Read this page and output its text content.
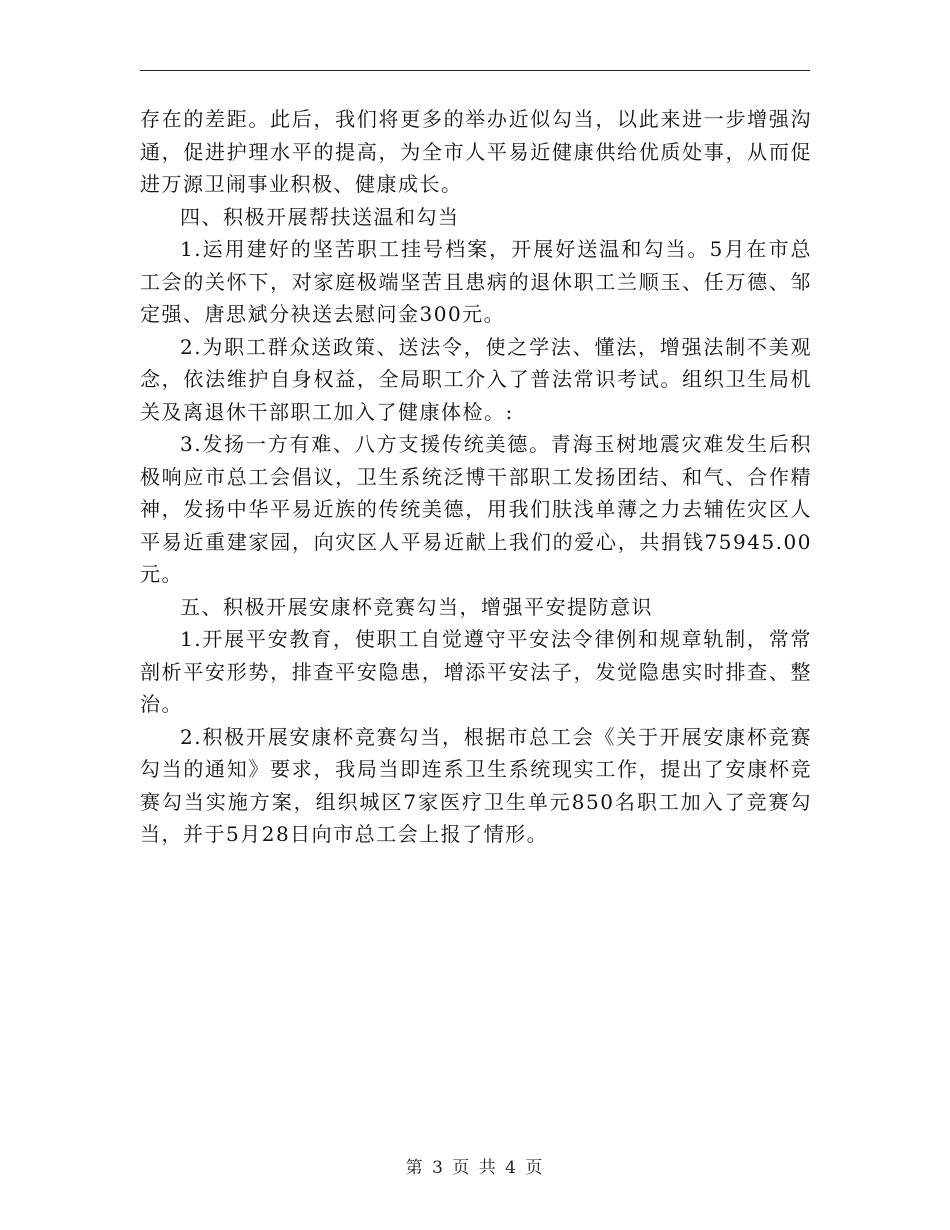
存在的差距。此后，我们将更多的举办近似勾当，以此来进一步增强沟通，促进护理水平的提高，为全市人平易近健康供给优质处事，从而促进万源卫闹事业积极、健康成长。

四、积极开展帮扶送温和勾当

1.运用建好的坚苦职工挂号档案，开展好送温和勾当。5月在市总工会的关怀下，对家庭极端坚苦且患病的退休职工兰顺玉、任万德、邹定强、唐思斌分袂送去慰问金300元。

2.为职工群众送政策、送法令，使之学法、懂法，增强法制不美观念，依法维护自身权益，全局职工介入了普法常识考试。组织卫生局机关及离退休干部职工加入了健康体检。:

3.发扬一方有难、八方支援传统美德。青海玉树地震灾难发生后积极响应市总工会倡议，卫生系统泛博干部职工发扬团结、和气、合作精神，发扬中华平易近族的传统美德，用我们肤浅单薄之力去辅佐灾区人平易近重建家园，向灾区人平易近献上我们的爱心，共捐钱75945.00元。

五、积极开展安康杯竞赛勾当，增强平安提防意识

1.开展平安教育，使职工自觉遵守平安法令律例和规章轨制，常常剖析平安形势，排查平安隐患，增添平安法子，发觉隐患实时排查、整治。

2.积极开展安康杯竞赛勾当，根据市总工会《关于开展安康杯竞赛勾当的通知》要求，我局当即连系卫生系统现实工作，提出了安康杯竞赛勾当实施方案，组织城区7家医疗卫生单元850名职工加入了竞赛勾当，并于5月28日向市总工会上报了情形。

第 3 页 共 4 页
